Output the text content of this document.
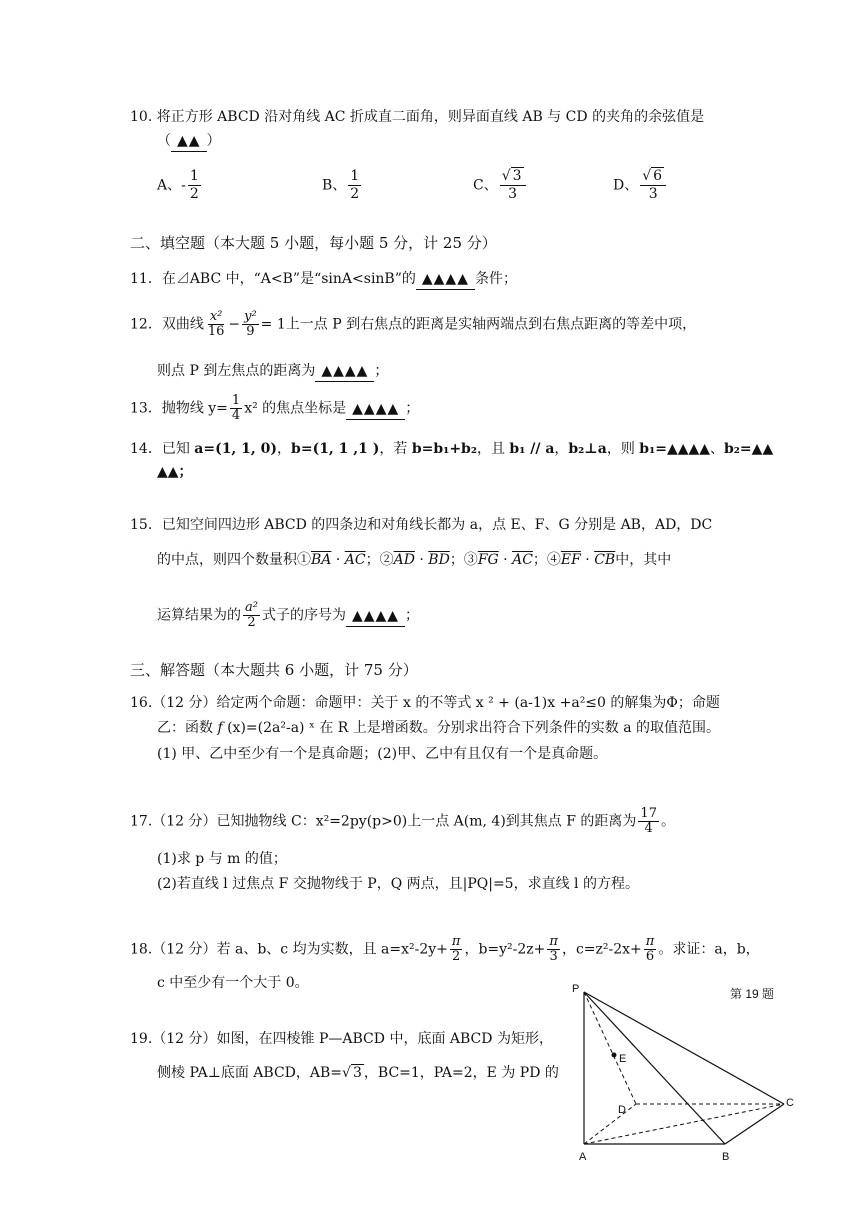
10. 将正方形 ABCD 沿对角线 AC 折成直二面角，则异面直线 AB 与 CD 的夹角的余弦值是
（ ▲▲ ）
A、- $\frac{1}{2}$	B、 $\frac{1}{2}$	C、 $\frac{√ 3}{3}$	D、 $\frac{√ 6}{3}$
二、填空题（本大题 5 小题，每小题 5 分，计 25 分）
11．在⊿ABC 中，“A<B”是“sinA<sinB”的 ▲▲▲▲ 条件；
12．双曲线 $\frac{\text{x²}}{16} - \frac{\text{y²}}{9} = 1$上一点 P 到右焦点的距离是实轴两端点到右焦点距离的等差中项，
则点 P 到左焦点的距离为 ▲▲▲▲ ；
13．抛物线 $y= \frac{1}{4} x^2$ 的焦点坐标是 ▲▲▲▲ ；
14．已知 a=(1, 1, 0)，b=(1, 1 ,1 )，若 b=b₁+b₂，且 b₁ // a，b₂⊥a，则 b₁=▲▲▲▲、b₂=▲▲
▲▲；
15．已知空间四边形 ABCD 的四条边和对角线长都为 a，点 E、F、G 分别是 AB，AD，DC
的中点，则四个数量积$①\overline{BA} \cdot \overline{AC}$；$②\overline{AD} \cdot \overline{BD}$；$③\overline{FG} \cdot \overline{AC}$；$④\overline{EF} \cdot \overline{CB}$中，其中
运算结果为的 $\frac{\text{a²}}{2}$ 式子的序号为 ▲▲▲▲ ；
三、解答题（本大题共 6 小题，计 75 分）
16.（12 分）给定两个命题：命题甲：关于 x 的不等式 x ² + (a-1)x +a²≤0 的解集为Φ；命题
乙：函数 f (x)=(2a²-a) ˣ 在 R 上是增函数。分别求出符合下列条件的实数 a 的取值范围。
(1) 甲、乙中至少有一个是真命题；(2)甲、乙中有且仅有一个是真命题。
17.（12 分）已知抛物线 C：x²=2py(p>0)上一点 A(m, 4)到其焦点 F 的距离为 $\frac{17}{4}$ 。
(1)求 p 与 m 的值；
(2)若直线 l 过焦点 F 交抛物线于 P，Q 两点，且|PQ|=5，求直线 l 的方程。
18.（12 分）若 a、b、c 均为实数，且 $a=x^2-2y+ \frac{\pi}{2}$ ，$b=y^2-2z+ \frac{\pi}{3}$ ，$c=z^2-2x+ \frac{\pi}{6}$ 。求证：a，b，
c 中至少有一个大于 0。
19.（12 分）如图，在四棱锥 P—ABCD 中，底面 ABCD 为矩形，
侧棱 PA⊥底面 ABCD，AB=√ 3 ，BC=1，PA=2，E 为 PD 的
P
E
D
C
A	B
第 19 题
